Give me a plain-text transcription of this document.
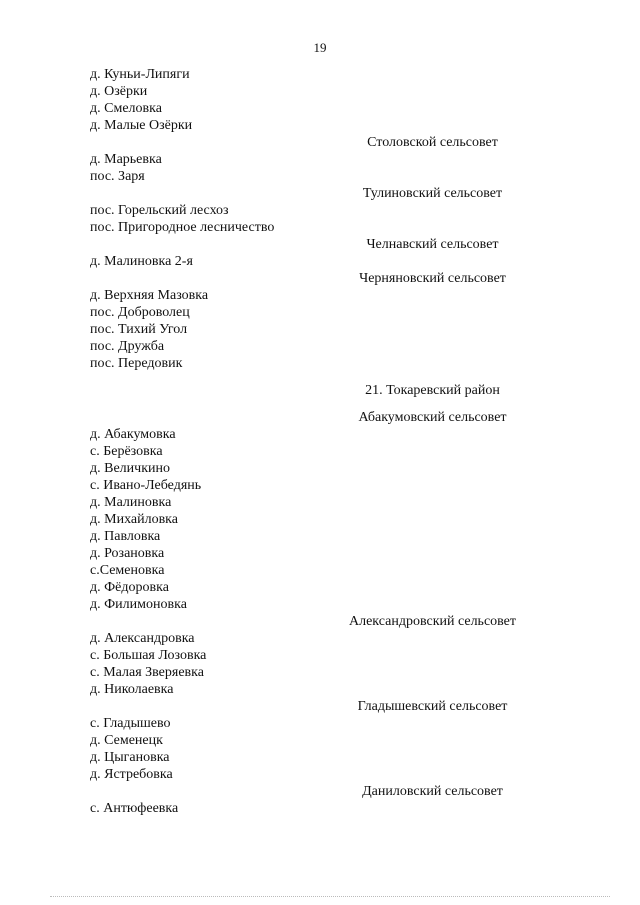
19
д. Куньи-Липяги
д. Озёрки
д. Смеловка
д. Малые Озёрки
Столовской сельсовет
д. Марьевка
пос. Заря
Тулиновский сельсовет
пос. Горельский лесхоз
пос. Пригородное лесничество
Челнавский сельсовет
д. Малиновка 2-я
Черняновский сельсовет
д. Верхняя Мазовка
пос. Доброволец
пос. Тихий Угол
пос. Дружба
пос. Передовик
21. Токаревский район
Абакумовский сельсовет
д. Абакумовка
с. Берёзовка
д. Величкино
с. Ивано-Лебедянь
д. Малиновка
д. Михайловка
д. Павловка
д. Розановка
с.Семеновка
д. Фёдоровка
д. Филимоновка
Александровский сельсовет
д. Александровка
с. Большая Лозовка
с. Малая Зверяевка
д. Николаевка
Гладышевский сельсовет
с. Гладышево
д. Семенецк
д. Цыгановка
д. Ястребовка
Даниловский сельсовет
с. Антюфеевка
